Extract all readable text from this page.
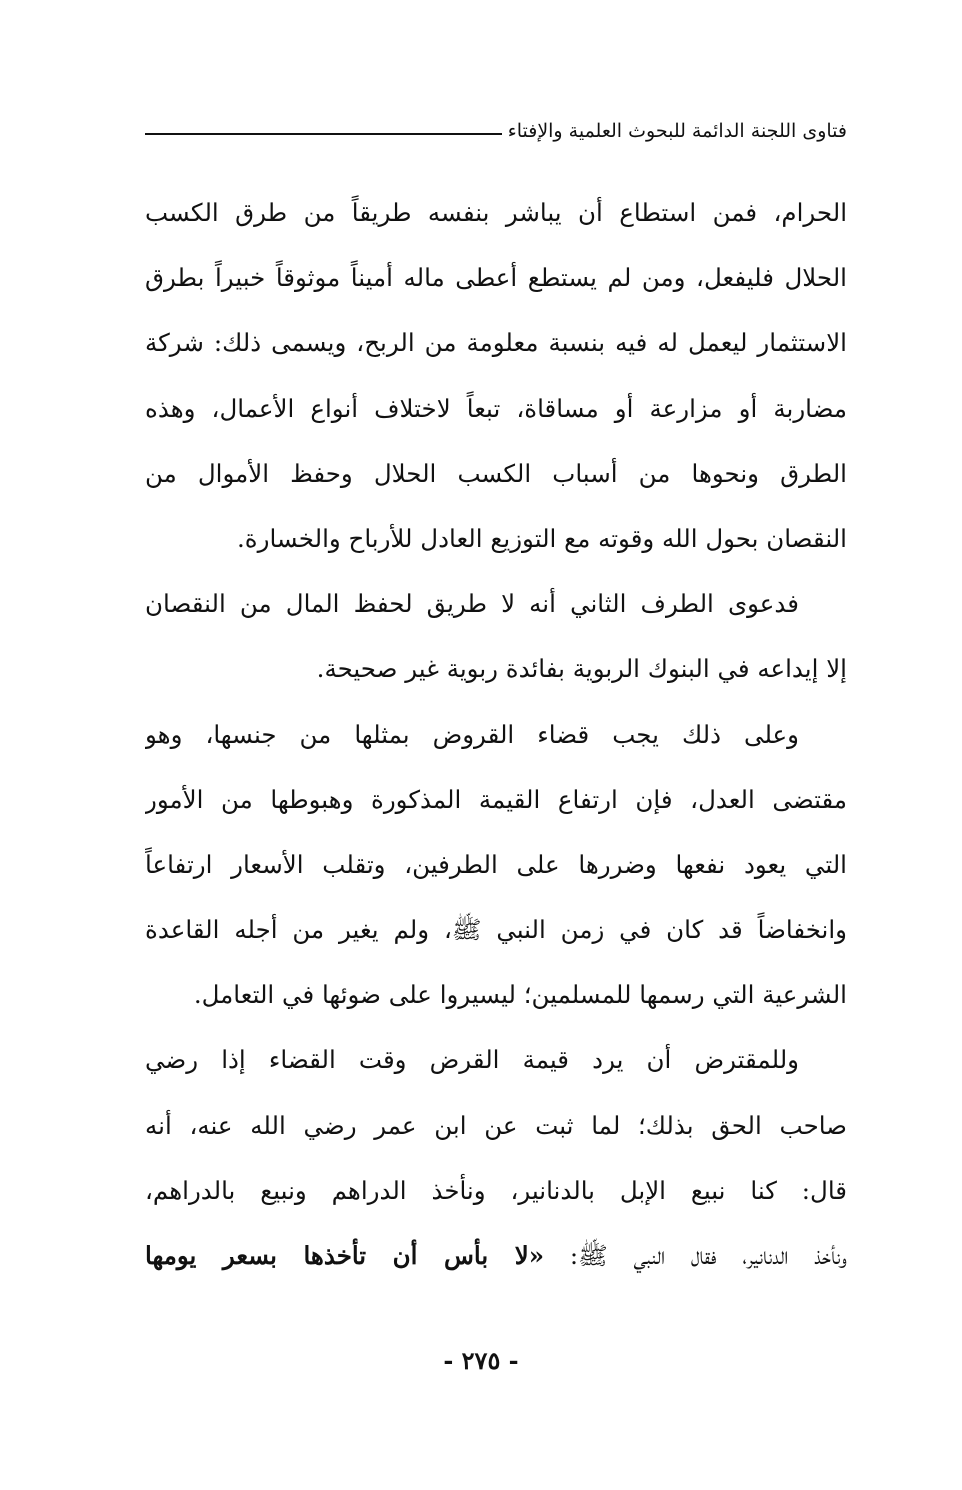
فتاوى اللجنة الدائمة للبحوث العلمية والإفتاء
الحرام، فمن استطاع أن يباشر بنفسه طريقاً من طرق الكسب
الحلال فليفعل، ومن لم يستطع أعطى ماله أميناً موثوقاً خبيراً بطرق
الاستثمار ليعمل له فيه بنسبة معلومة من الربح، ويسمى ذلك: شركة
مضاربة أو مزارعة أو مساقاة، تبعاً لاختلاف أنواع الأعمال، وهذه
الطرق ونحوها من أسباب الكسب الحلال وحفظ الأموال من
النقصان بحول الله وقوته مع التوزيع العادل للأرباح والخسارة.
فدعوى الطرف الثاني أنه لا طريق لحفظ المال من النقصان
إلا إيداعه في البنوك الربوية بفائدة ربوية غير صحيحة.
وعلى ذلك يجب قضاء القروض بمثلها من جنسها، وهو
مقتضى العدل، فإن ارتفاع القيمة المذكورة وهبوطها من الأمور
التي يعود نفعها وضررها على الطرفين، وتقلب الأسعار ارتفاعاً
وانخفاضاً قد كان في زمن النبي ﷺ، ولم يغير من أجله القاعدة
الشرعية التي رسمها للمسلمين؛ ليسيروا على ضوئها في التعامل.
وللمقترض أن يرد قيمة القرض وقت القضاء إذا رضي
صاحب الحق بذلك؛ لما ثبت عن ابن عمر رضي الله عنه، أنه
قال: كنا نبيع الإبل بالدنانير، ونأخذ الدراهم ونبيع بالدراهم،
ونأخذ الدنانير، فقال النبي ﷺ: «لا بأس أن تأخذها بسعر يومها
- ٢٧٥ -
